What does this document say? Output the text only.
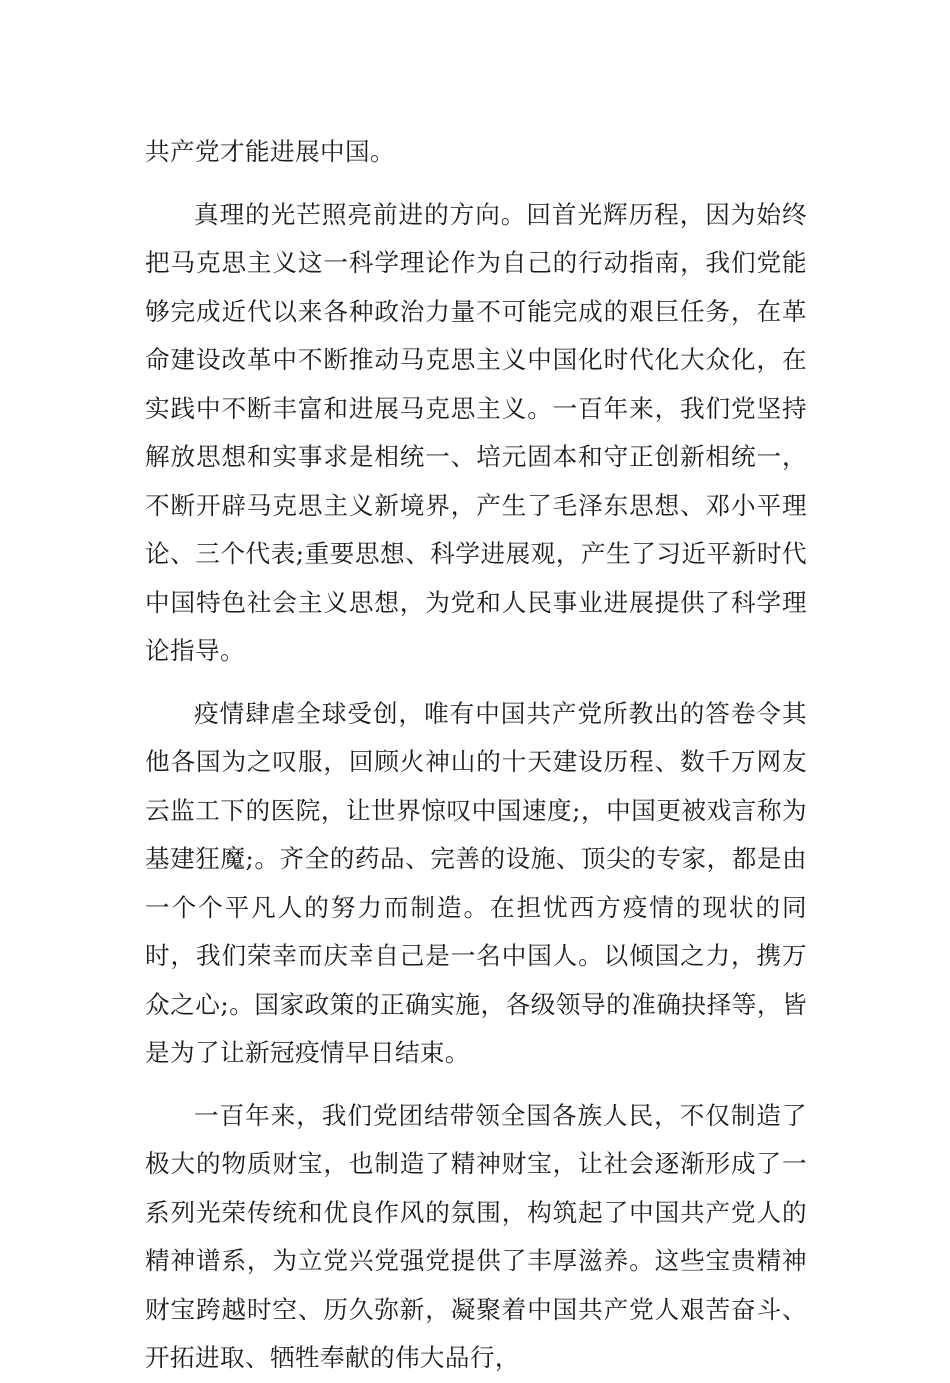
共产党才能进展中国。

真理的光芒照亮前进的方向。回首光辉历程，因为始终把马克思主义这一科学理论作为自己的行动指南，我们党能够完成近代以来各种政治力量不可能完成的艰巨任务，在革命建设改革中不断推动马克思主义中国化时代化大众化，在实践中不断丰富和进展马克思主义。一百年来，我们党坚持解放思想和实事求是相统一、培元固本和守正创新相统一，不断开辟马克思主义新境界，产生了毛泽东思想、邓小平理论、三个代表;重要思想、科学进展观，产生了习近平新时代中国特色社会主义思想，为党和人民事业进展提供了科学理论指导。

疫情肆虐全球受创，唯有中国共产党所教出的答卷令其他各国为之叹服，回顾火神山的十天建设历程、数千万网友云监工下的医院，让世界惊叹中国速度;，中国更被戏言称为基建狂魔;。齐全的药品、完善的设施、顶尖的专家，都是由一个个平凡人的努力而制造。在担忧西方疫情的现状的同时，我们荣幸而庆幸自己是一名中国人。以倾国之力，携万众之心;。国家政策的正确实施，各级领导的准确抉择等，皆是为了让新冠疫情早日结束。

一百年来，我们党团结带领全国各族人民，不仅制造了极大的物质财宝，也制造了精神财宝，让社会逐渐形成了一系列光荣传统和优良作风的氛围，构筑起了中国共产党人的精神谱系，为立党兴党强党提供了丰厚滋养。这些宝贵精神财宝跨越时空、历久弥新，凝聚着中国共产党人艰苦奋斗、开拓进取、牺牲奉献的伟大品行，
